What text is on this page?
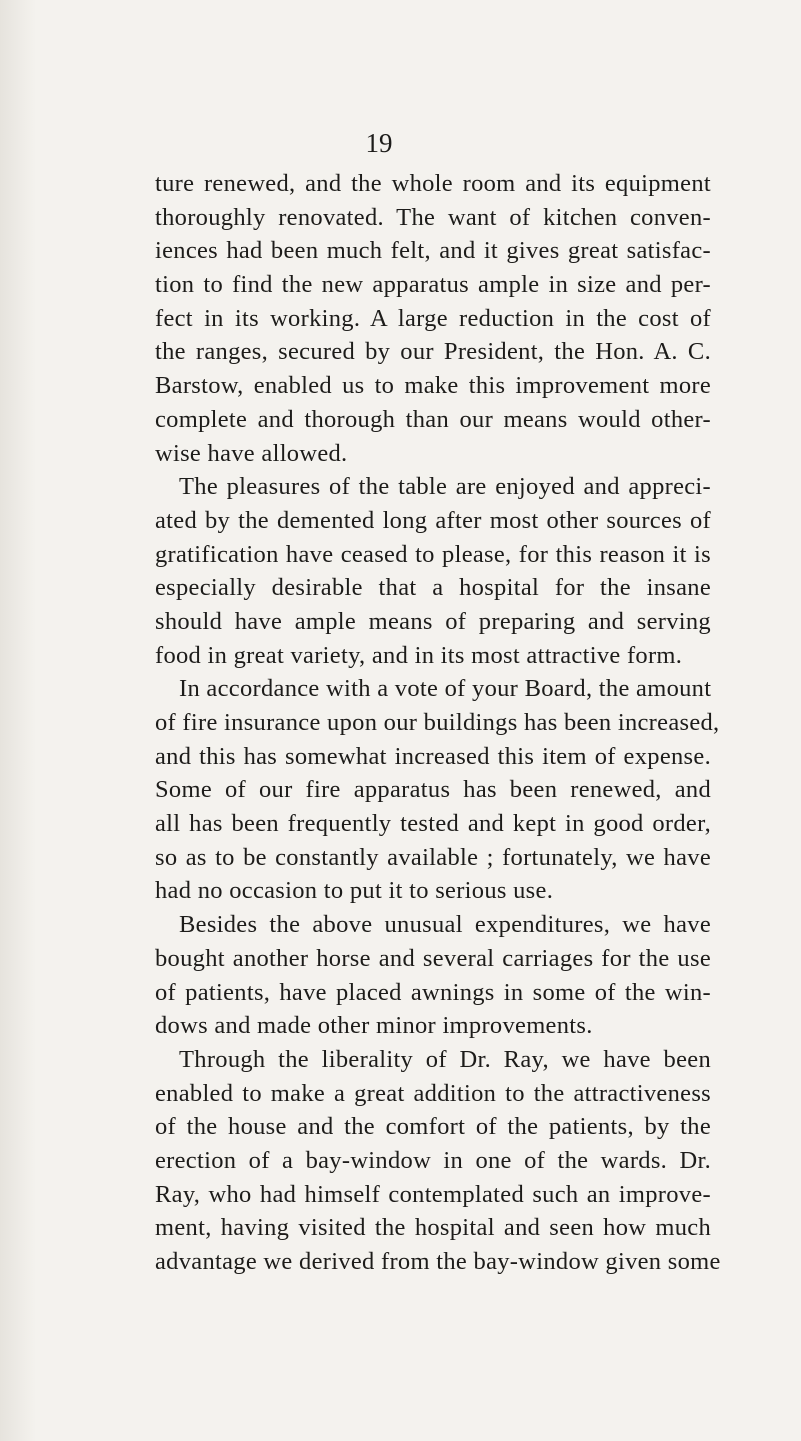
19
ture renewed, and the whole room and its equipment
thoroughly renovated. The want of kitchen conven-
iences had been much felt, and it gives great satisfac-
tion to find the new apparatus ample in size and per-
fect in its working. A large reduction in the cost of
the ranges, secured by our President, the Hon. A. C.
Barstow, enabled us to make this improvement more
complete and thorough than our means would other-
wise have allowed.
The pleasures of the table are enjoyed and appreci-
ated by the demented long after most other sources of
gratification have ceased to please, for this reason it is
especially desirable that a hospital for the insane
should have ample means of preparing and serving
food in great variety, and in its most attractive form.
In accordance with a vote of your Board, the amount
of fire insurance upon our buildings has been increased,
and this has somewhat increased this item of expense.
Some of our fire apparatus has been renewed, and
all has been frequently tested and kept in good order,
so as to be constantly available ; fortunately, we have
had no occasion to put it to serious use.
Besides the above unusual expenditures, we have
bought another horse and several carriages for the use
of patients, have placed awnings in some of the win-
dows and made other minor improvements.
Through the liberality of Dr. Ray, we have been
enabled to make a great addition to the attractiveness
of the house and the comfort of the patients, by the
erection of a bay-window in one of the wards. Dr.
Ray, who had himself contemplated such an improve-
ment, having visited the hospital and seen how much
advantage we derived from the bay-window given some
